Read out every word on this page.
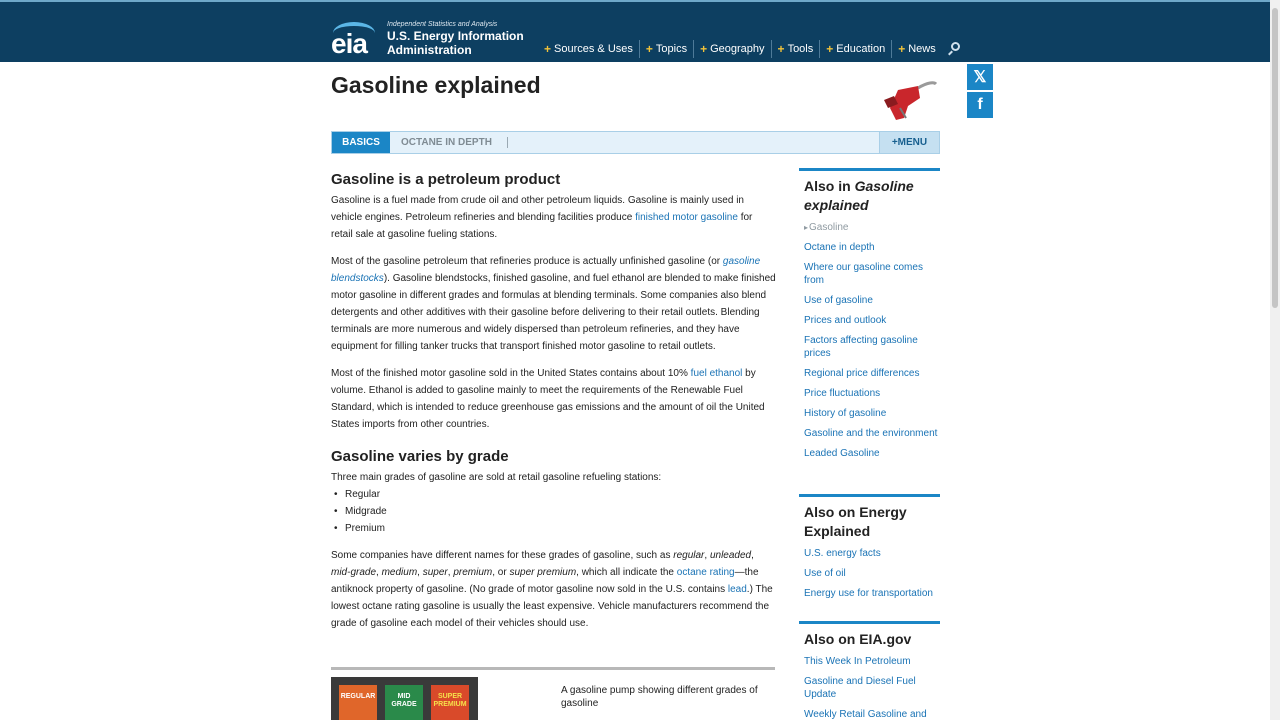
eia
Independent Statistics and Analysis
U.S. Energy Information Administration	+ Sources & Uses + Topics + Geography + Tools + Education + News
𝕏
f
Gasoline explained
BASICS	OCTANE IN DEPTH	+MENU
Gasoline is a petroleum product

Gasoline is a fuel made from crude oil and other petroleum liquids. Gasoline is mainly used in vehicle engines. Petroleum refineries and blending facilities produce finished motor gasoline for retail sale at gasoline fueling stations.

Most of the gasoline petroleum that refineries produce is actually unfinished gasoline (or gasoline blendstocks). Gasoline blendstocks, finished gasoline, and fuel ethanol are blended to make finished motor gasoline in different grades and formulas at blending terminals. Some companies also blend detergents and other additives with their gasoline before delivering to their retail outlets. Blending terminals are more numerous and widely dispersed than petroleum refineries, and they have equipment for filling tanker trucks that transport finished motor gasoline to retail outlets.

Most of the finished motor gasoline sold in the United States contains about 10% fuel ethanol by volume. Ethanol is added to gasoline mainly to meet the requirements of the Renewable Fuel Standard, which is intended to reduce greenhouse gas emissions and the amount of oil the United States imports from other countries.

Gasoline varies by grade

Three main grades of gasoline are sold at retail gasoline refueling stations:

• Regular
• Midgrade
• Premium

Some companies have different names for these grades of gasoline, such as regular, unleaded, mid-grade, medium, super, premium, or super premium, which all indicate the octane rating—the antiknock property of gasoline. (No grade of motor gasoline now sold in the U.S. contains lead.) The lowest octane rating gasoline is usually the least expensive. Vehicle manufacturers recommend the grade of gasoline each model of their vehicles should use.

REGULAR	MID GRADE
SUPER PREMIUM
A gasoline pump showing different grades of gasoline
Also in Gasoline explained
▸ Gasoline
Octane in depth
Where our gasoline comes from
Use of gasoline
Prices and outlook
Factors affecting gasoline prices
Regional price differences
Price fluctuations
History of gasoline
Gasoline and the environment
Leaded Gasoline
Also on Energy Explained
U.S. energy facts
Use of oil
Energy use for transportation
Also on EIA.gov
This Week In Petroleum
Gasoline and Diesel Fuel Update
Weekly Retail Gasoline and
